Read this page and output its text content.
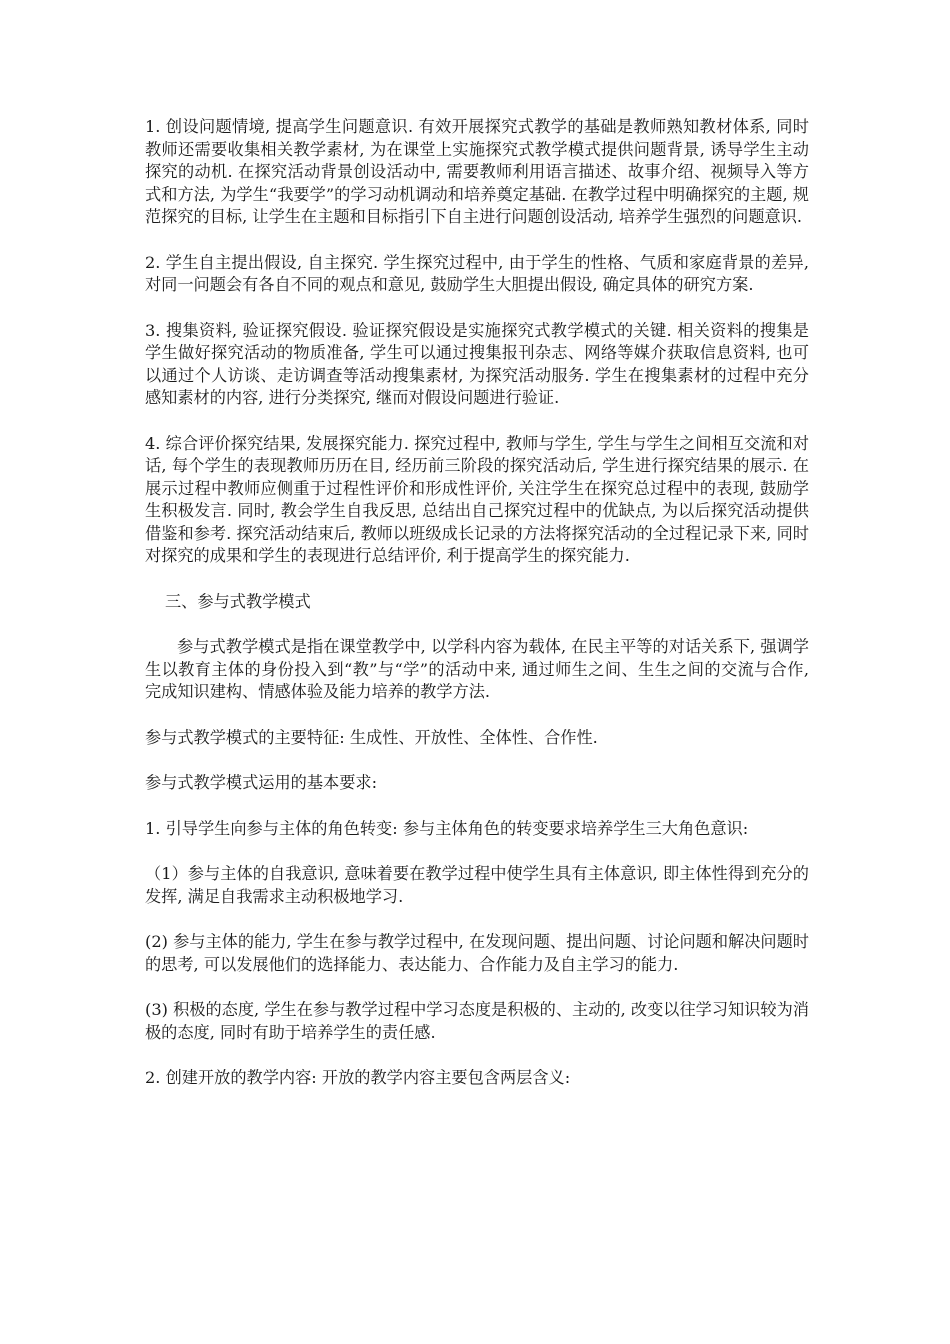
1. 创设问题情境, 提高学生问题意识. 有效开展探究式教学的基础是教师熟知教材体系, 同时教师还需要收集相关教学素材, 为在课堂上实施探究式教学模式提供问题背景, 诱导学生主动探究的动机. 在探究活动背景创设活动中, 需要教师利用语言描述、故事介绍、视频导入等方式和方法, 为学生“我要学”的学习动机调动和培养奠定基础. 在教学过程中明确探究的主题, 规范探究的目标, 让学生在主题和目标指引下自主进行问题创设活动, 培养学生强烈的问题意识.

2. 学生自主提出假设, 自主探究. 学生探究过程中, 由于学生的性格、气质和家庭背景的差异, 对同一问题会有各自不同的观点和意见, 鼓励学生大胆提出假设, 确定具体的研究方案.

3. 搜集资料, 验证探究假设. 验证探究假设是实施探究式教学模式的关键. 相关资料的搜集是学生做好探究活动的物质准备, 学生可以通过搜集报刊杂志、网络等媒介获取信息资料, 也可以通过个人访谈、走访调查等活动搜集素材, 为探究活动服务. 学生在搜集素材的过程中充分感知素材的内容, 进行分类探究, 继而对假设问题进行验证.

4. 综合评价探究结果, 发展探究能力. 探究过程中, 教师与学生, 学生与学生之间相互交流和对话, 每个学生的表现教师历历在目, 经历前三阶段的探究活动后, 学生进行探究结果的展示. 在展示过程中教师应侧重于过程性评价和形成性评价, 关注学生在探究总过程中的表现, 鼓励学生积极发言. 同时, 教会学生自我反思, 总结出自己探究过程中的优缺点, 为以后探究活动提供借鉴和参考. 探究活动结束后, 教师以班级成长记录的方法将探究活动的全过程记录下来, 同时对探究的成果和学生的表现进行总结评价, 利于提高学生的探究能力.

三、参与式教学模式

参与式教学模式是指在课堂教学中, 以学科内容为载体, 在民主平等的对话关系下, 强调学生以教育主体的身份投入到“教”与“学”的活动中来, 通过师生之间、生生之间的交流与合作, 完成知识建构、情感体验及能力培养的教学方法.

参与式教学模式的主要特征: 生成性、开放性、全体性、合作性.

参与式教学模式运用的基本要求:

1. 引导学生向参与主体的角色转变: 参与主体角色的转变要求培养学生三大角色意识:

（1）参与主体的自我意识, 意味着要在教学过程中使学生具有主体意识, 即主体性得到充分的发挥, 满足自我需求主动积极地学习.

(2) 参与主体的能力, 学生在参与教学过程中, 在发现问题、提出问题、讨论问题和解决问题时的思考, 可以发展他们的选择能力、表达能力、合作能力及自主学习的能力.

(3) 积极的态度, 学生在参与教学过程中学习态度是积极的、主动的, 改变以往学习知识较为消极的态度, 同时有助于培养学生的责任感.

2. 创建开放的教学内容: 开放的教学内容主要包含两层含义:
